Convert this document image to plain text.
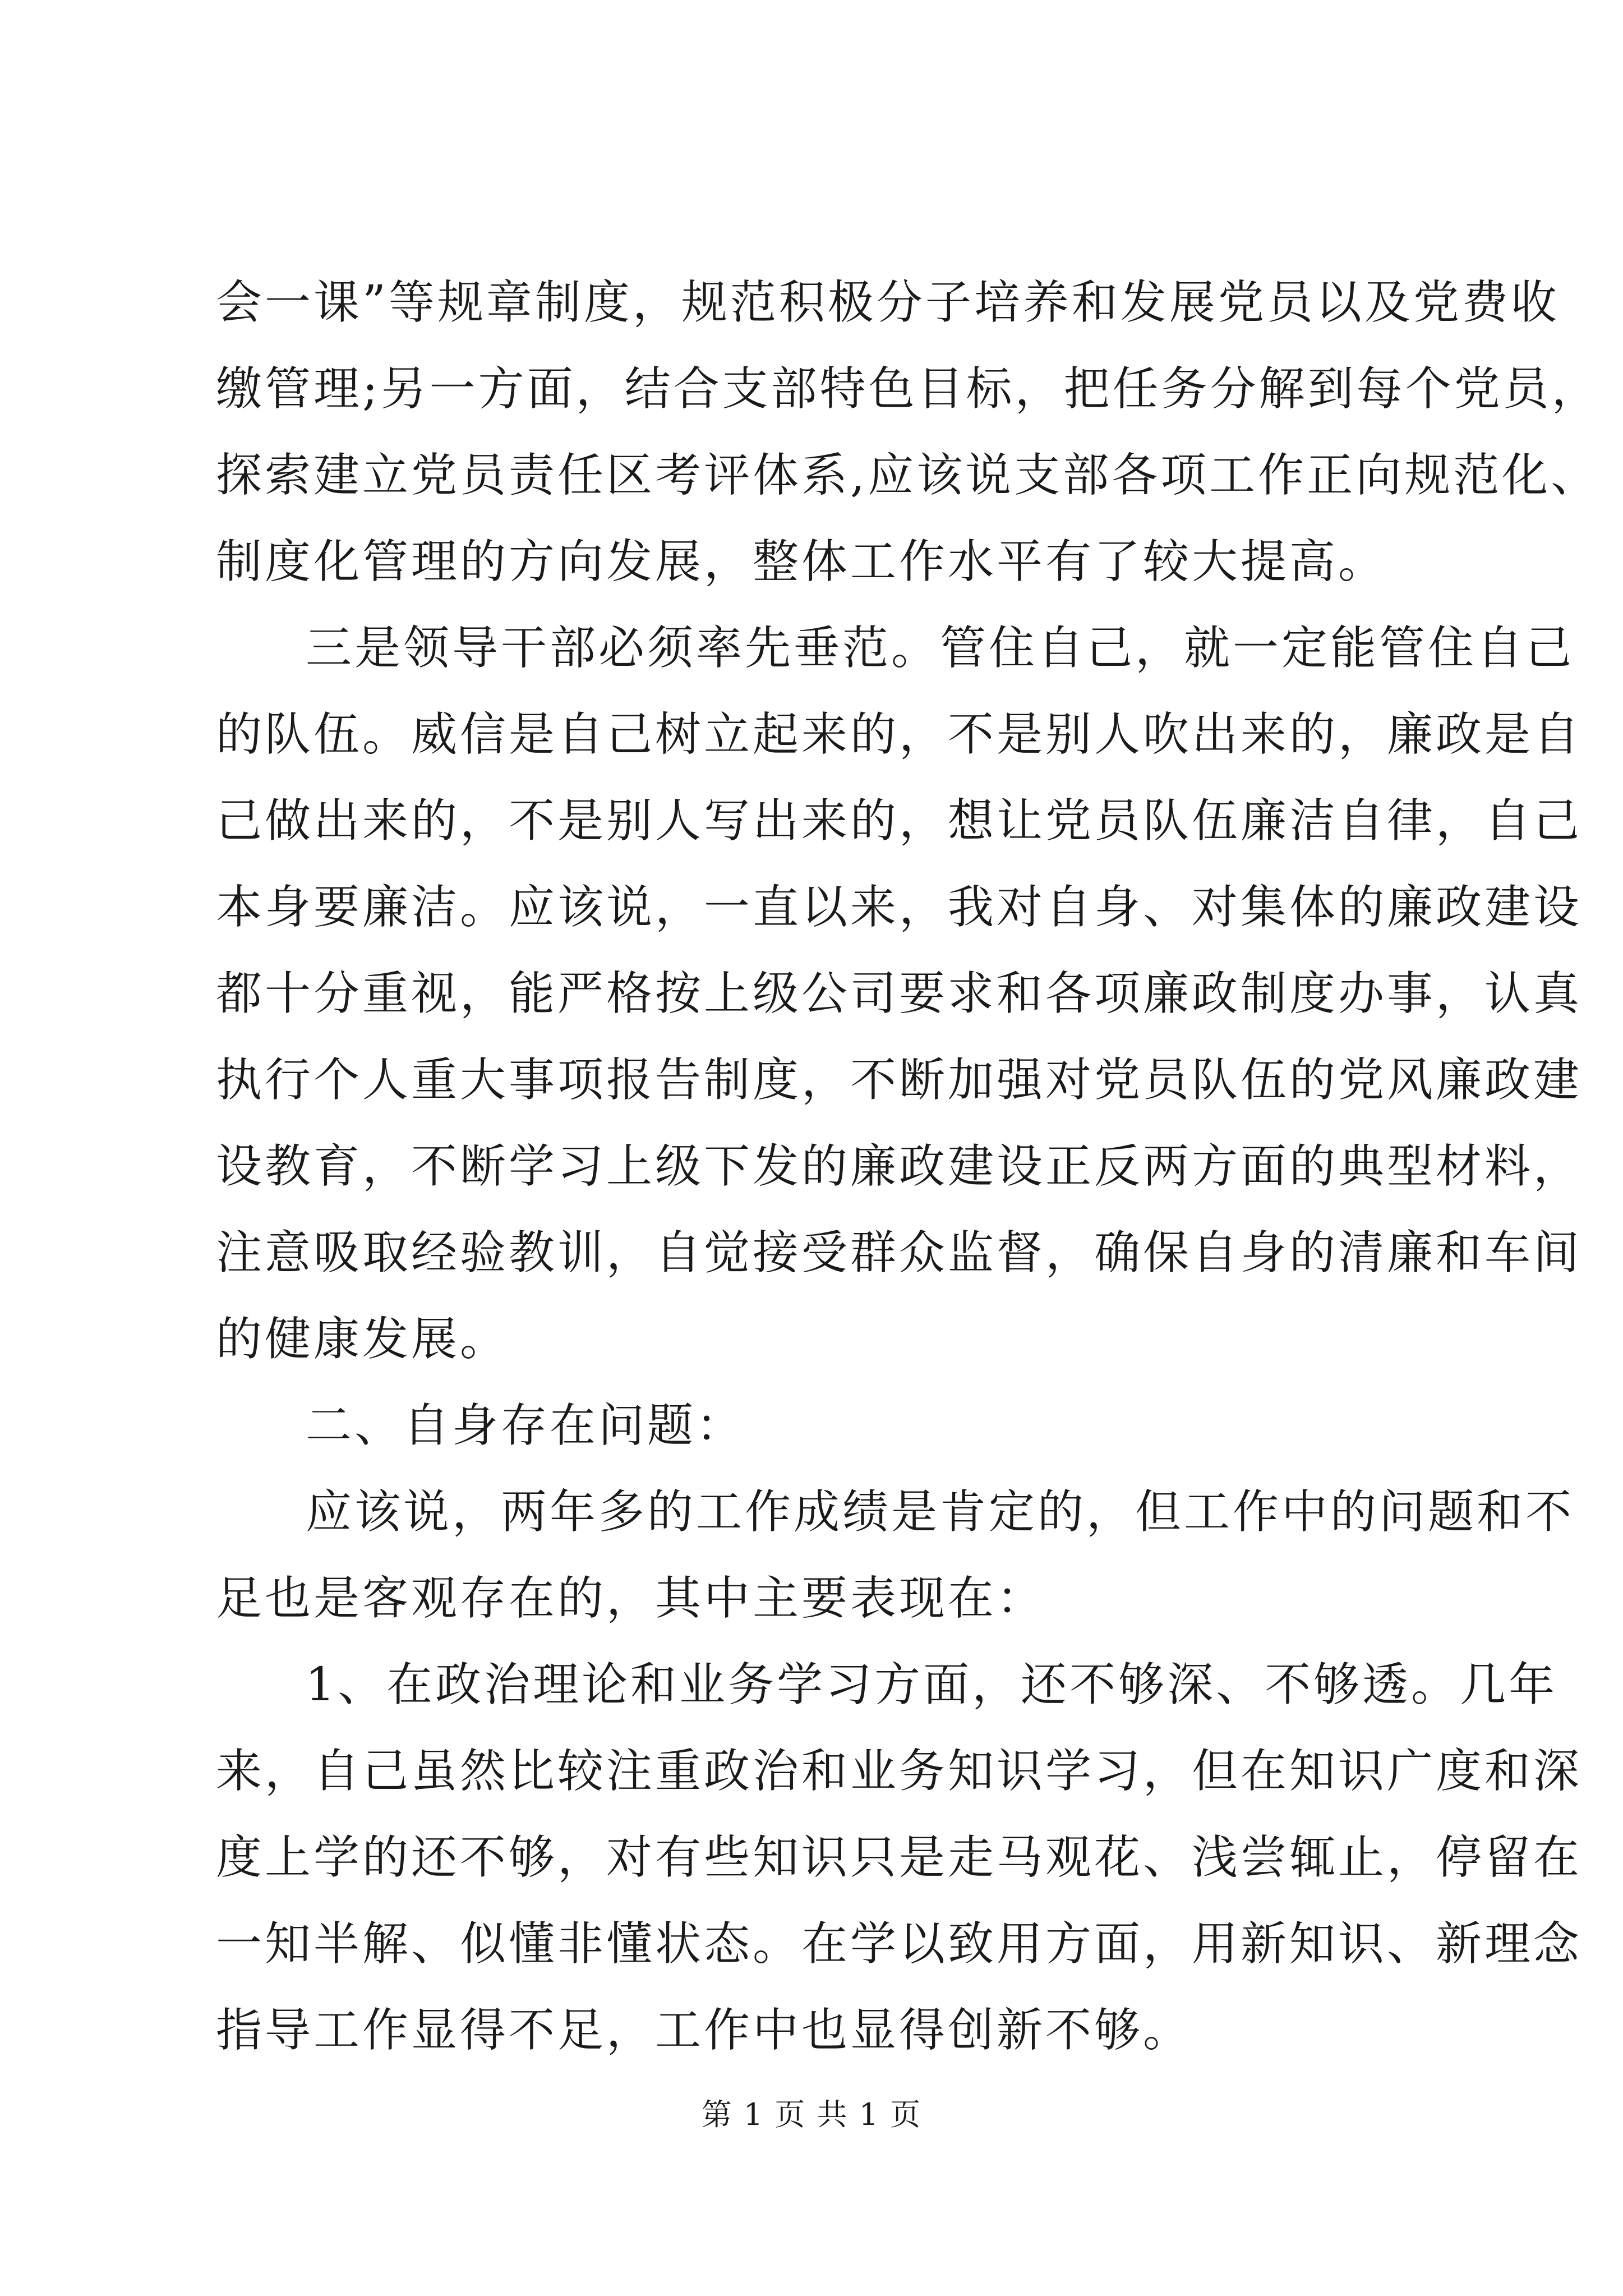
会一课”等规章制度，规范积极分子培养和发展党员以及党费收
缴管理;另一方面，结合支部特色目标，把任务分解到每个党员，
探索建立党员责任区考评体系,应该说支部各项工作正向规范化、
制度化管理的方向发展，整体工作水平有了较大提高。
三是领导干部必须率先垂范。管住自己，就一定能管住自己
的队伍。威信是自己树立起来的，不是别人吹出来的，廉政是自
己做出来的，不是别人写出来的，想让党员队伍廉洁自律，自己
本身要廉洁。应该说，一直以来，我对自身、对集体的廉政建设
都十分重视，能严格按上级公司要求和各项廉政制度办事，认真
执行个人重大事项报告制度，不断加强对党员队伍的党风廉政建
设教育，不断学习上级下发的廉政建设正反两方面的典型材料，
注意吸取经验教训，自觉接受群众监督，确保自身的清廉和车间
的健康发展。
二、自身存在问题：
应该说，两年多的工作成绩是肯定的，但工作中的问题和不
足也是客观存在的，其中主要表现在：
1、在政治理论和业务学习方面，还不够深、不够透。几年
来，自己虽然比较注重政治和业务知识学习，但在知识广度和深
度上学的还不够，对有些知识只是走马观花、浅尝辄止，停留在
一知半解、似懂非懂状态。在学以致用方面，用新知识、新理念
指导工作显得不足，工作中也显得创新不够。
第 1 页 共 1 页
